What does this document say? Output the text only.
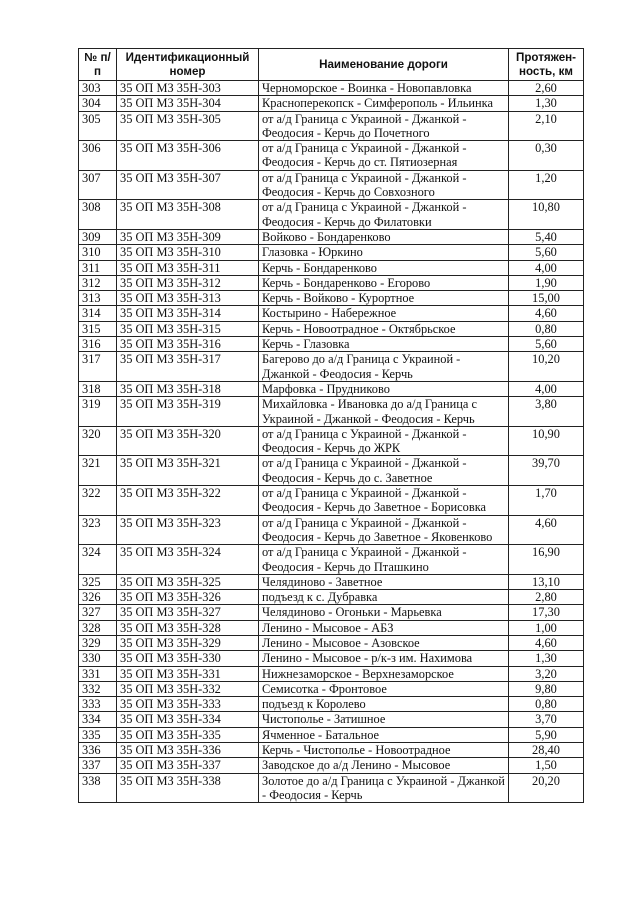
№ п/п	Идентификационный номер	Наименование дороги	Протяжен-ность, км
303	35 ОП МЗ 35Н-303	Черноморское - Воинка - Новопавловка	2,60
304	35 ОП МЗ 35Н-304	Красноперекопск - Симферополь - Ильинка	1,30
305	35 ОП МЗ 35Н-305	от а/д Граница с Украиной - Джанкой - Феодосия - Керчь до Почетного	2,10
306	35 ОП МЗ 35Н-306	от а/д Граница с Украиной - Джанкой - Феодосия - Керчь до ст. Пятиозерная	0,30
307	35 ОП МЗ 35Н-307	от а/д Граница с Украиной - Джанкой - Феодосия - Керчь до Совхозного	1,20
308	35 ОП МЗ 35Н-308	от а/д Граница с Украиной - Джанкой - Феодосия - Керчь до Филатовки	10,80
309	35 ОП МЗ 35Н-309	Войково - Бондаренково	5,40
310	35 ОП МЗ 35Н-310	Глазовка - Юркино	5,60
311	35 ОП МЗ 35Н-311	Керчь - Бондаренково	4,00
312	35 ОП МЗ 35Н-312	Керчь - Бондаренково - Егорово	1,90
313	35 ОП МЗ 35Н-313	Керчь - Войково - Курортное	15,00
314	35 ОП МЗ 35Н-314	Костырино - Набережное	4,60
315	35 ОП МЗ 35Н-315	Керчь - Новоотрадное - Октябрьское	0,80
316	35 ОП МЗ 35Н-316	Керчь - Глазовка	5,60
317	35 ОП МЗ 35Н-317	Багерово до а/д Граница с Украиной - Джанкой - Феодосия - Керчь	10,20
318	35 ОП МЗ 35Н-318	Марфовка - Прудниково	4,00
319	35 ОП МЗ 35Н-319	Михайловка - Ивановка до а/д Граница с Украиной - Джанкой - Феодосия - Керчь	3,80
320	35 ОП МЗ 35Н-320	от а/д Граница с Украиной - Джанкой - Феодосия - Керчь до ЖРК	10,90
321	35 ОП МЗ 35Н-321	от а/д Граница с Украиной - Джанкой - Феодосия - Керчь до с. Заветное	39,70
322	35 ОП МЗ 35Н-322	от а/д Граница с Украиной - Джанкой - Феодосия - Керчь до Заветное - Борисовка	1,70
323	35 ОП МЗ 35Н-323	от а/д Граница с Украиной - Джанкой - Феодосия - Керчь до Заветное - Яковенково	4,60
324	35 ОП МЗ 35Н-324	от а/д Граница с Украиной - Джанкой - Феодосия - Керчь до Пташкино	16,90
325	35 ОП МЗ 35Н-325	Челядиново - Заветное	13,10
326	35 ОП МЗ 35Н-326	подъезд к с. Дубравка	2,80
327	35 ОП МЗ 35Н-327	Челядиново - Огоньки - Марьевка	17,30
328	35 ОП МЗ 35Н-328	Ленино - Мысовое - АБЗ	1,00
329	35 ОП МЗ 35Н-329	Ленино - Мысовое - Азовское	4,60
330	35 ОП МЗ 35Н-330	Ленино - Мысовое - р/к-з им. Нахимова	1,30
331	35 ОП МЗ 35Н-331	Нижнезаморское - Верхнезаморское	3,20
332	35 ОП МЗ 35Н-332	Семисотка - Фронтовое	9,80
333	35 ОП МЗ 35Н-333	подъезд к Королево	0,80
334	35 ОП МЗ 35Н-334	Чистополье - Затишное	3,70
335	35 ОП МЗ 35Н-335	Ячменное - Батальное	5,90
336	35 ОП МЗ 35Н-336	Керчь - Чистополье - Новоотрадное	28,40
337	35 ОП МЗ 35Н-337	Заводское до а/д Ленино - Мысовое	1,50
338	35 ОП МЗ 35Н-338	Золотое до а/д Граница с Украиной - Джанкой - Феодосия - Керчь	20,20
